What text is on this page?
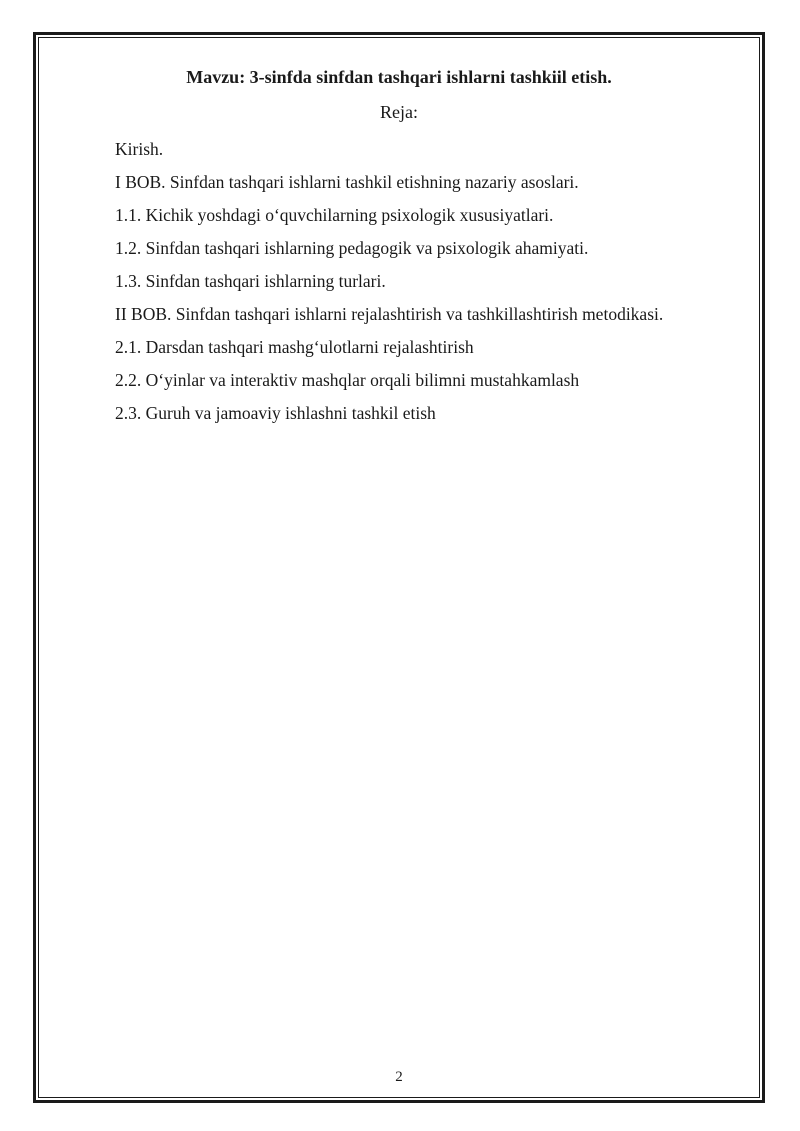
Mavzu: 3-sinfda sinfdan tashqari ishlarni tashkiil etish.
Reja:
Kirish.
I BOB. Sinfdan tashqari ishlarni tashkil etishning nazariy asoslari.
1.1. Kichik yoshdagi o‘quvchilarning psixologik xususiyatlari.
1.2. Sinfdan tashqari ishlarning pedagogik va psixologik ahamiyati.
1.3. Sinfdan tashqari ishlarning turlari.
II BOB. Sinfdan tashqari ishlarni rejalashtirish va tashkillashtirish metodikasi.
2.1. Darsdan tashqari mashg‘ulotlarni rejalashtirish
2.2. O‘yinlar va interaktiv mashqlar orqali bilimni mustahkamlash
2.3. Guruh va jamoaviy ishlashni tashkil etish
2
